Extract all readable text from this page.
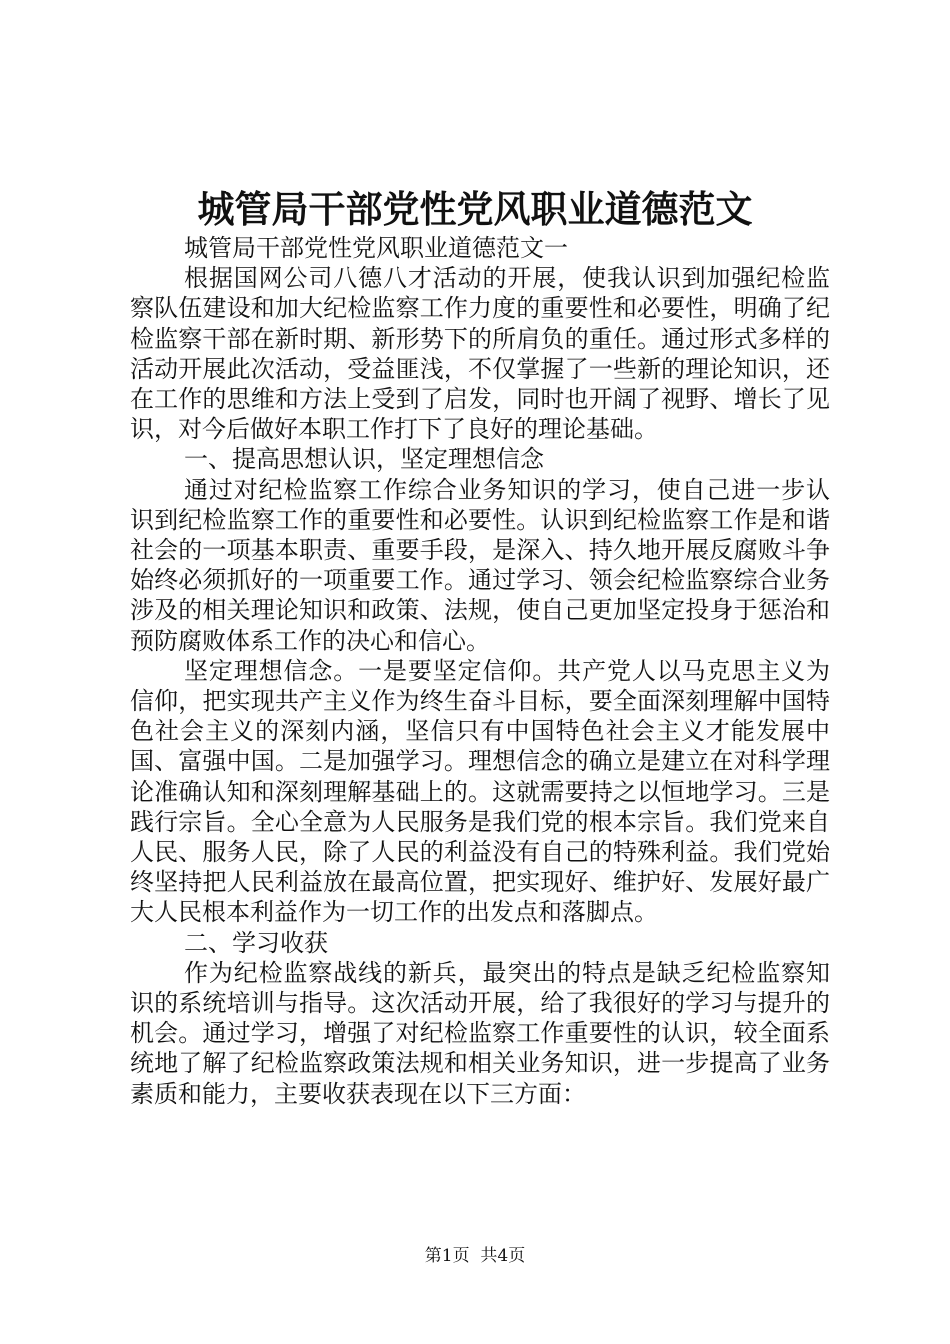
城管局干部党性党风职业道德范文

城管局干部党性党风职业道德范文一

根据国网公司八德八才活动的开展，使我认识到加强纪检监察队伍建设和加大纪检监察工作力度的重要性和必要性，明确了纪检监察干部在新时期、新形势下的所肩负的重任。通过形式多样的活动开展此次活动，受益匪浅，不仅掌握了一些新的理论知识，还在工作的思维和方法上受到了启发，同时也开阔了视野、增长了见识，对今后做好本职工作打下了良好的理论基础。

一、提高思想认识，坚定理想信念

通过对纪检监察工作综合业务知识的学习，使自己进一步认识到纪检监察工作的重要性和必要性。认识到纪检监察工作是和谐社会的一项基本职责、重要手段，是深入、持久地开展反腐败斗争始终必须抓好的一项重要工作。通过学习、领会纪检监察综合业务涉及的相关理论知识和政策、法规，使自己更加坚定投身于惩治和预防腐败体系工作的决心和信心。

坚定理想信念。一是要坚定信仰。共产党人以马克思主义为信仰，把实现共产主义作为终生奋斗目标，要全面深刻理解中国特色社会主义的深刻内涵，坚信只有中国特色社会主义才能发展中国、富强中国。二是加强学习。理想信念的确立是建立在对科学理论准确认知和深刻理解基础上的。这就需要持之以恒地学习。三是践行宗旨。全心全意为人民服务是我们党的根本宗旨。我们党来自人民、服务人民，除了人民的利益没有自己的特殊利益。我们党始终坚持把人民利益放在最高位置，把实现好、维护好、发展好最广大人民根本利益作为一切工作的出发点和落脚点。

二、学习收获

作为纪检监察战线的新兵，最突出的特点是缺乏纪检监察知识的系统培训与指导。这次活动开展，给了我很好的学习与提升的机会。通过学习，增强了对纪检监察工作重要性的认识，较全面系统地了解了纪检监察政策法规和相关业务知识，进一步提高了业务素质和能力，主要收获表现在以下三方面：

第1页 共4页
